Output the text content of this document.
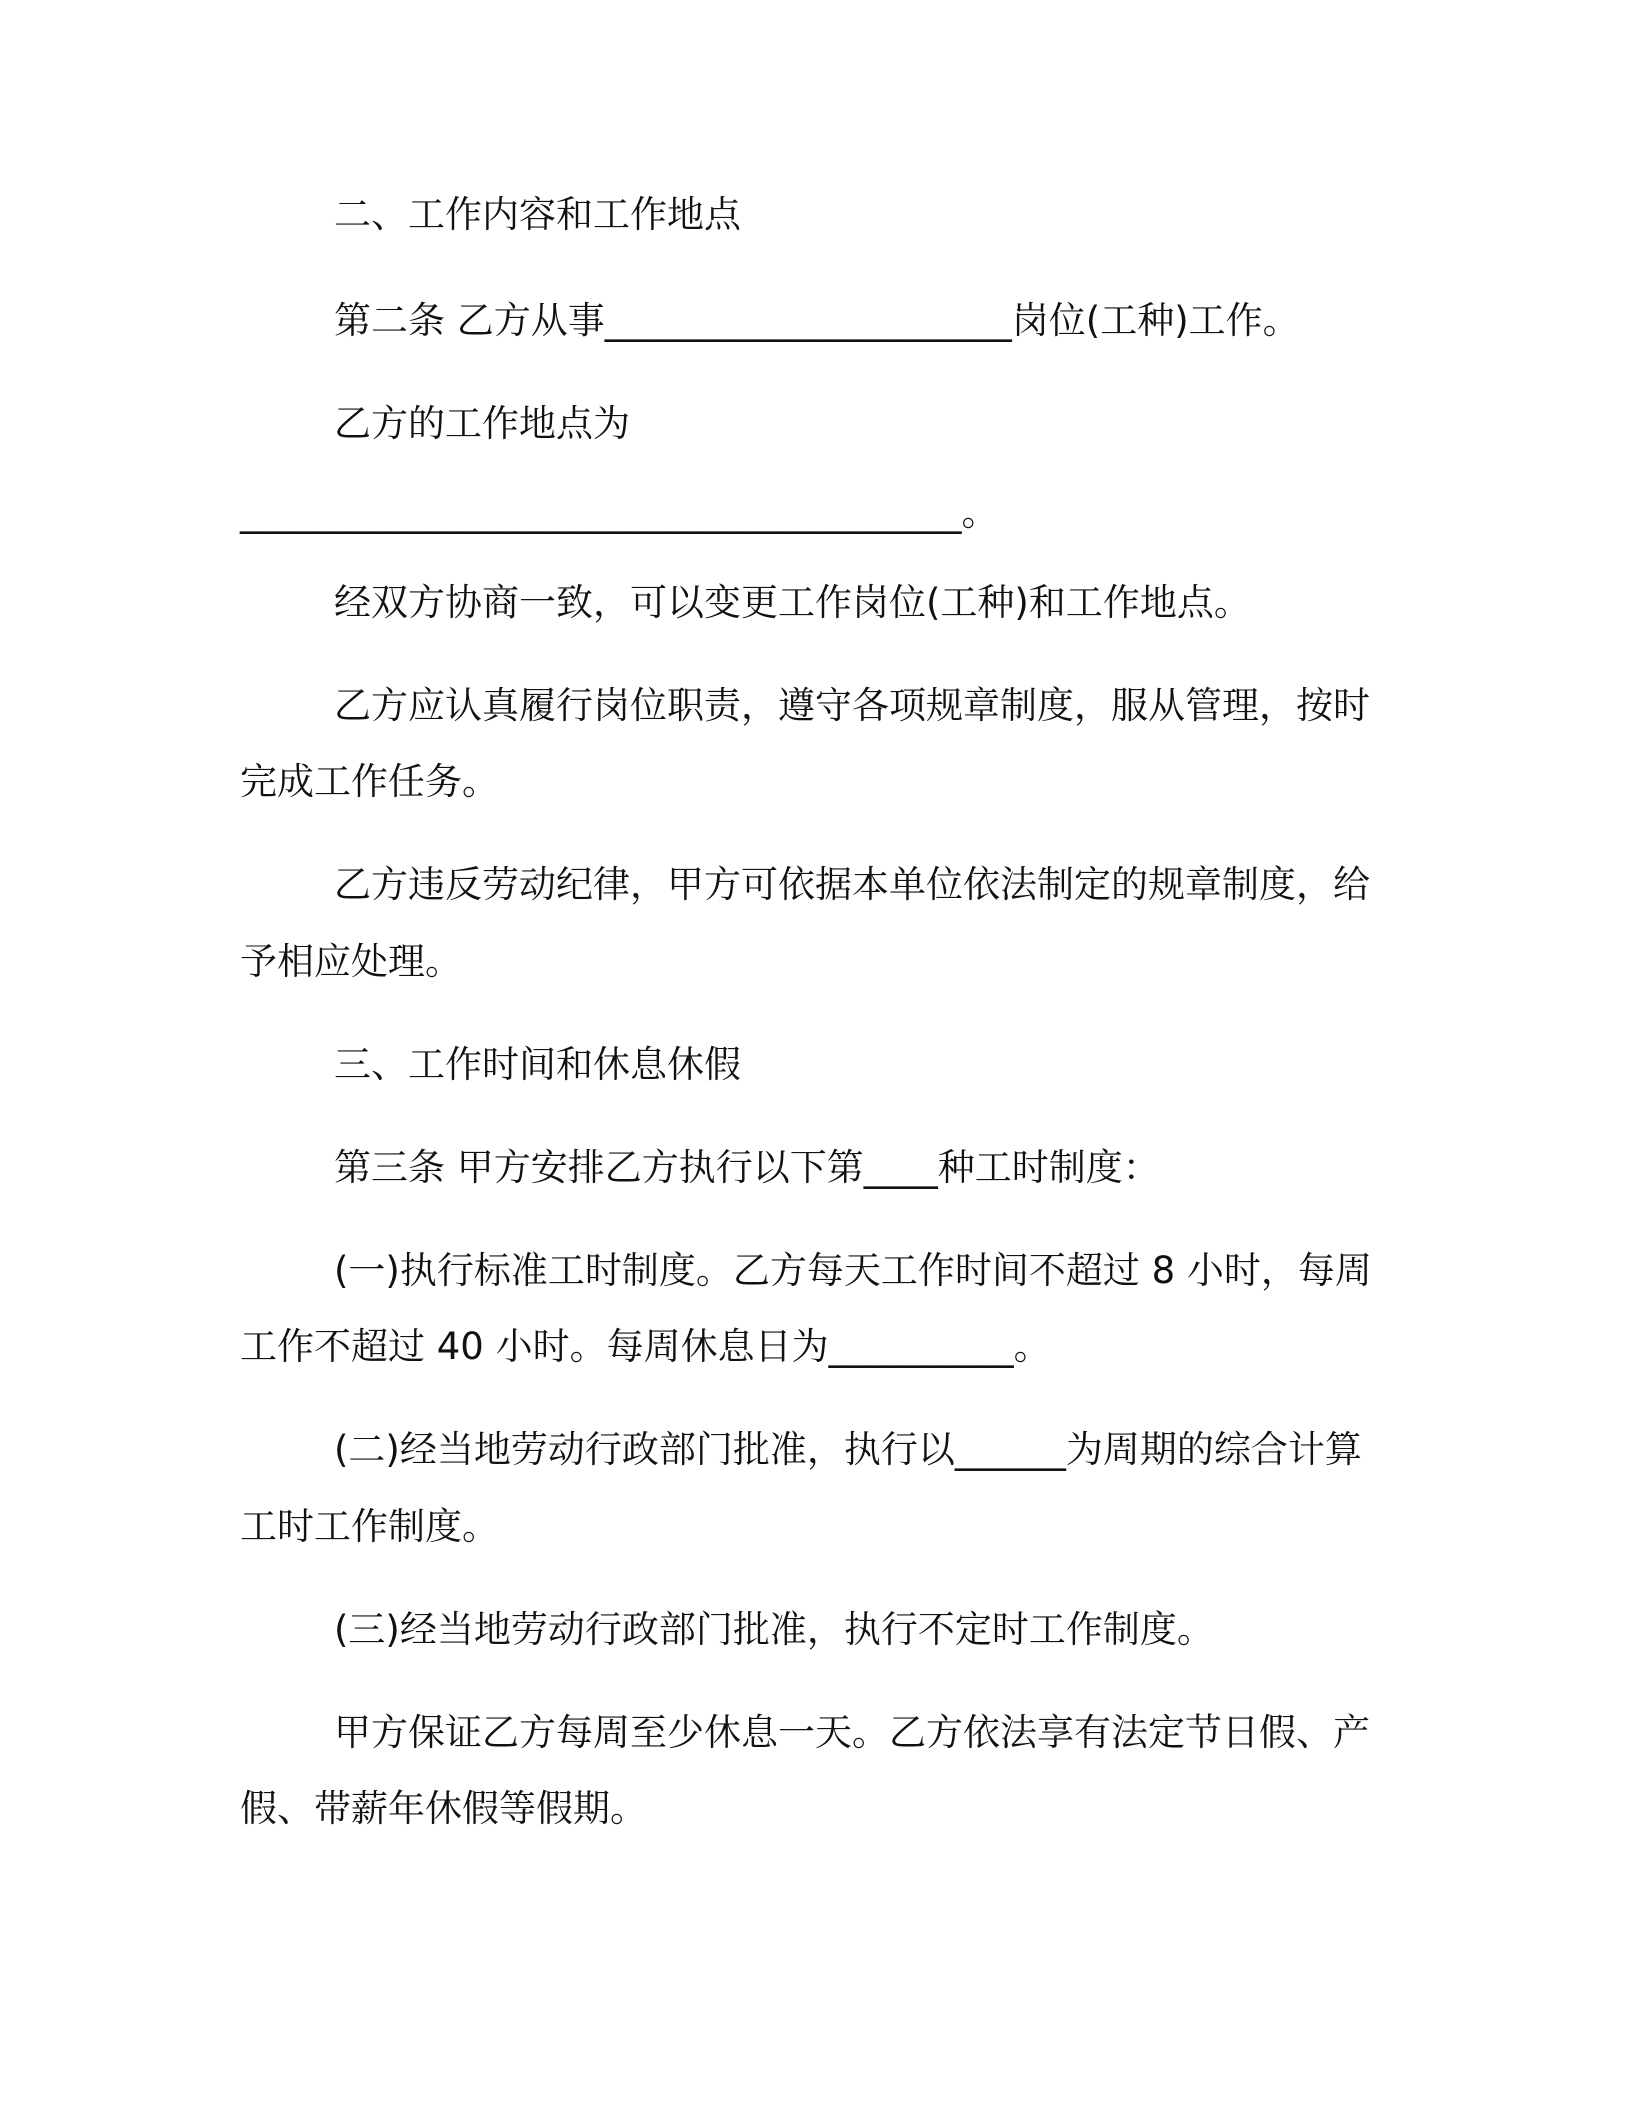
二、工作内容和工作地点
第二条 乙方从事______________________岗位(工种)工作。
乙方的工作地点为
_______________________________________。
经双方协商一致，可以变更工作岗位(工种)和工作地点。
乙方应认真履行岗位职责，遵守各项规章制度，服从管理，按时
完成工作任务。
乙方违反劳动纪律，甲方可依据本单位依法制定的规章制度，给
予相应处理。
三、工作时间和休息休假
第三条 甲方安排乙方执行以下第____种工时制度：
(一)执行标准工时制度。乙方每天工作时间不超过 8 小时，每周
工作不超过 40 小时。每周休息日为__________。
(二)经当地劳动行政部门批准，执行以______为周期的综合计算
工时工作制度。
(三)经当地劳动行政部门批准，执行不定时工作制度。
甲方保证乙方每周至少休息一天。乙方依法享有法定节日假、产
假、带薪年休假等假期。
